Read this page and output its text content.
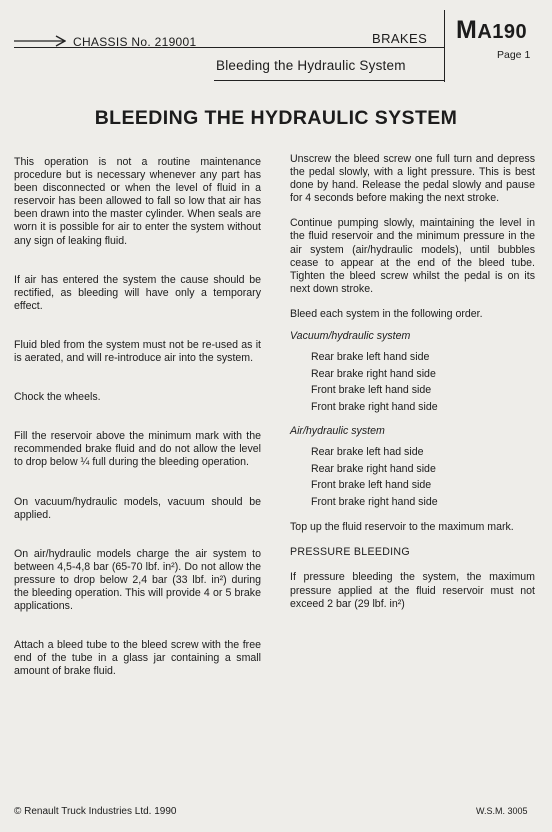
CHASSIS No. 219001	BRAKES
Bleeding the Hydraulic System
MA190
Page 1
BLEEDING THE HYDRAULIC SYSTEM

This operation is not a routine maintenance procedure but is necessary whenever any part has been disconnected or when the level of fluid in a reservoir has been allowed to fall so low that air has been drawn into the master cylinder. When seals are worn it is possible for air to enter the system without any sign of leaking fluid.

If air has entered the system the cause should be rectified, as bleeding will have only a temporary effect.

Fluid bled from the system must not be re-used as it is aerated, and will re-introduce air into the system.

Chock the wheels.

Fill the reservoir above the minimum mark with the recommended brake fluid and do not allow the level to drop below ¼ full during the bleeding operation.

On vacuum/hydraulic models, vacuum should be applied.

On air/hydraulic models charge the air system to between 4,5-4,8 bar (65-70 lbf. in²). Do not allow the pressure to drop below 2,4 bar (33 lbf. in²) during the bleeding operation. This will provide 4 or 5 brake applications.

Attach a bleed tube to the bleed screw with the free end of the tube in a glass jar containing a small amount of brake fluid.

Unscrew the bleed screw one full turn and depress the pedal slowly, with a light pressure. This is best done by hand. Release the pedal slowly and pause for 4 seconds before making the next stroke.

Continue pumping slowly, maintaining the level in the fluid reservoir and the minimum pressure in the air system (air/hydraulic models), until bubbles cease to appear at the end of the bleed tube. Tighten the bleed screw whilst the pedal is on its next down stroke.

Bleed each system in the following order.

Vacuum/hydraulic system

Rear brake left hand side
Rear brake right hand side
Front brake left hand side
Front brake right hand side

Air/hydraulic system

Rear brake left had side
Rear brake right hand side
Front brake left hand side
Front brake right hand side

Top up the fluid reservoir to the maximum mark.

PRESSURE BLEEDING

If pressure bleeding the system, the maximum pressure applied at the fluid reservoir must not exceed 2 bar (29 lbf. in²)

© Renault Truck Industries Ltd. 1990	W.S.M. 3005
